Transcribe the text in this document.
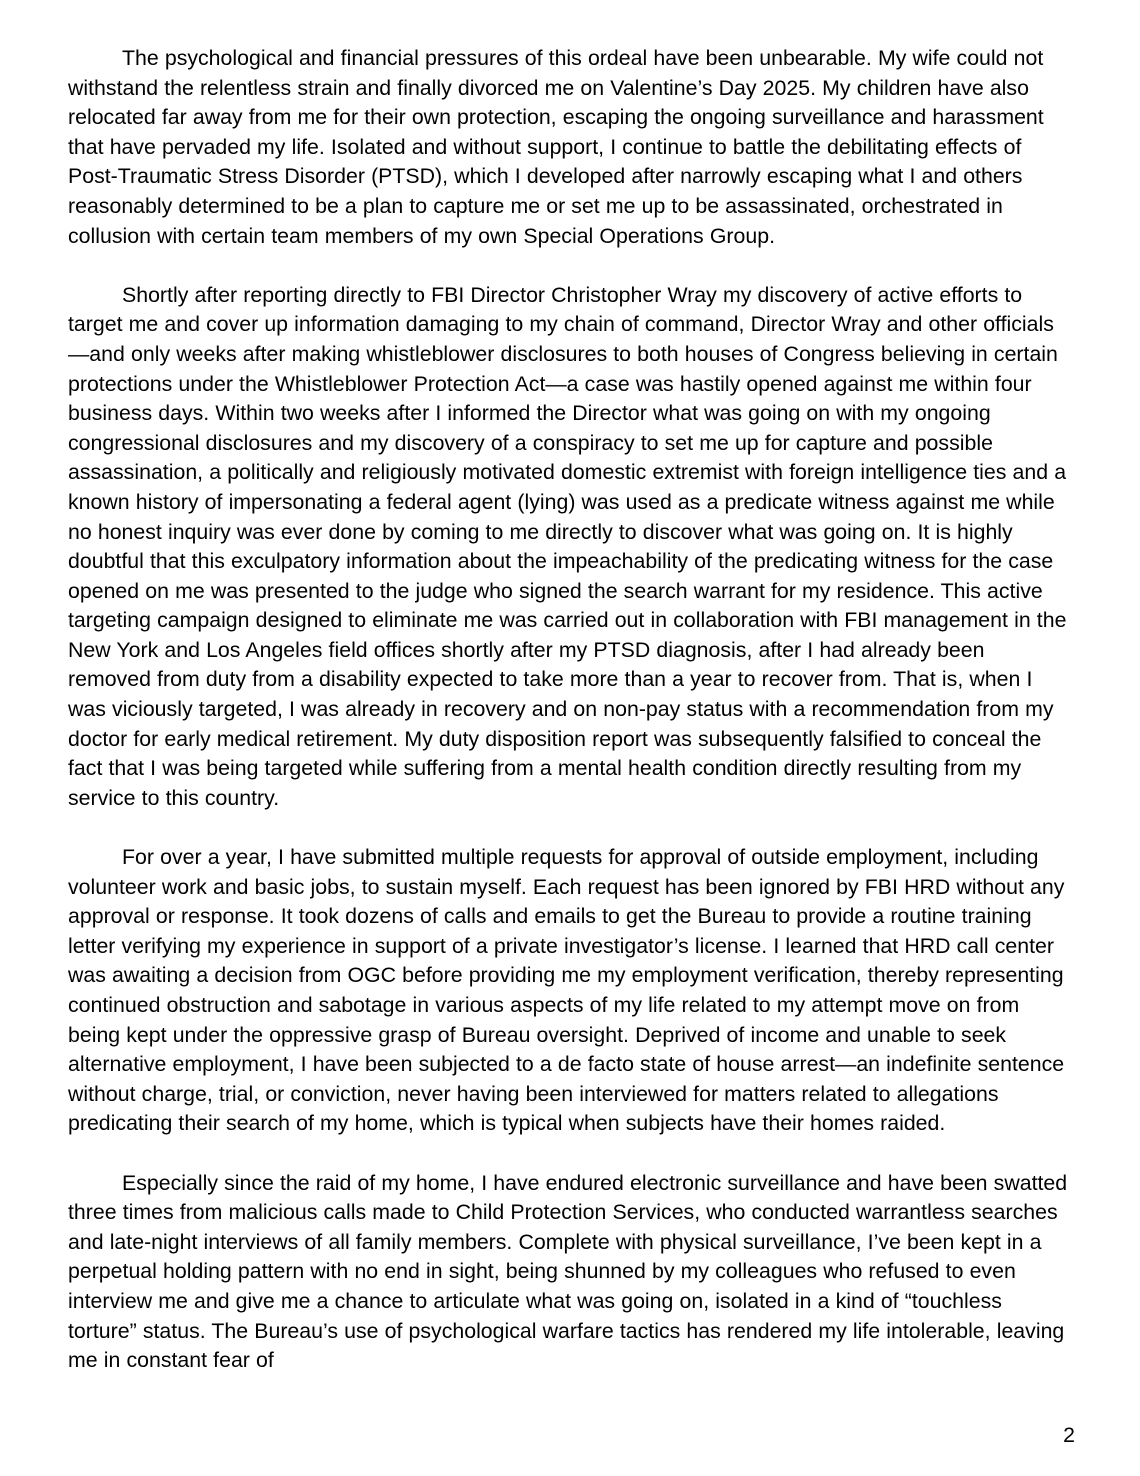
The psychological and financial pressures of this ordeal have been unbearable. My wife could not withstand the relentless strain and finally divorced me on Valentine’s Day 2025. My children have also relocated far away from me for their own protection, escaping the ongoing surveillance and harassment that have pervaded my life. Isolated and without support, I continue to battle the debilitating effects of Post-Traumatic Stress Disorder (PTSD), which I developed after narrowly escaping what I and others reasonably determined to be a plan to capture me or set me up to be assassinated, orchestrated in collusion with certain team members of my own Special Operations Group.

Shortly after reporting directly to FBI Director Christopher Wray my discovery of active efforts to target me and cover up information damaging to my chain of command, Director Wray and other officials—and only weeks after making whistleblower disclosures to both houses of Congress believing in certain protections under the Whistleblower Protection Act—a case was hastily opened against me within four business days. Within two weeks after I informed the Director what was going on with my ongoing congressional disclosures and my discovery of a conspiracy to set me up for capture and possible assassination, a politically and religiously motivated domestic extremist with foreign intelligence ties and a known history of impersonating a federal agent (lying) was used as a predicate witness against me while no honest inquiry was ever done by coming to me directly to discover what was going on. It is highly doubtful that this exculpatory information about the impeachability of the predicating witness for the case opened on me was presented to the judge who signed the search warrant for my residence. This active targeting campaign designed to eliminate me was carried out in collaboration with FBI management in the New York and Los Angeles field offices shortly after my PTSD diagnosis, after I had already been removed from duty from a disability expected to take more than a year to recover from. That is, when I was viciously targeted, I was already in recovery and on non-pay status with a recommendation from my doctor for early medical retirement. My duty disposition report was subsequently falsified to conceal the fact that I was being targeted while suffering from a mental health condition directly resulting from my service to this country.

For over a year, I have submitted multiple requests for approval of outside employment, including volunteer work and basic jobs, to sustain myself. Each request has been ignored by FBI HRD without any approval or response. It took dozens of calls and emails to get the Bureau to provide a routine training letter verifying my experience in support of a private investigator’s license. I learned that HRD call center was awaiting a decision from OGC before providing me my employment verification, thereby representing continued obstruction and sabotage in various aspects of my life related to my attempt move on from being kept under the oppressive grasp of Bureau oversight. Deprived of income and unable to seek alternative employment, I have been subjected to a de facto state of house arrest—an indefinite sentence without charge, trial, or conviction, never having been interviewed for matters related to allegations predicating their search of my home, which is typical when subjects have their homes raided.

Especially since the raid of my home, I have endured electronic surveillance and have been swatted three times from malicious calls made to Child Protection Services, who conducted warrantless searches and late-night interviews of all family members. Complete with physical surveillance, I’ve been kept in a perpetual holding pattern with no end in sight, being shunned by my colleagues who refused to even interview me and give me a chance to articulate what was going on, isolated in a kind of “touchless torture” status. The Bureau’s use of psychological warfare tactics has rendered my life intolerable, leaving me in constant fear of

2
